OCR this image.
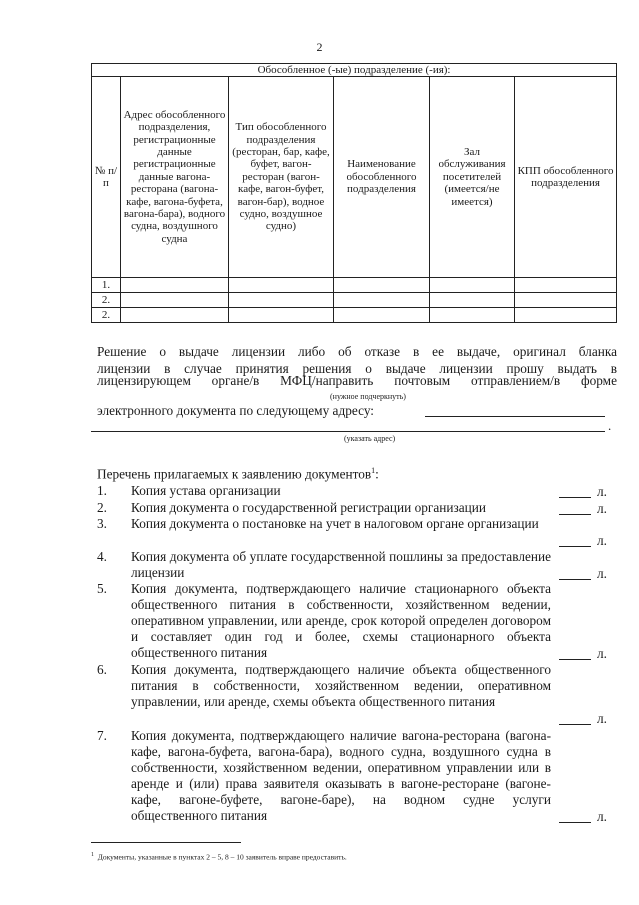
2
Обособленное (-ые) подразделение (-ия):					
№ п/п	Адрес обособленного подразделения, регистрационные данные регистрационные данные вагона-ресторана (вагона-кафе, вагона-буфета, вагона-бара), водного судна, воздушного судна	Тип обособленного подразделения (ресторан, бар, кафе, буфет, вагон-ресторан (вагон-кафе, вагон-буфет, вагон-бар), водное судно, воздушное судно)	Наименование обособленного подразделения	Зал обслуживания посетителей (имеется/не имеется)	КПП обособленного подразделения
1.					
2.					
2.					
Решение о выдаче лицензии либо об отказе в ее выдаче, оригинал бланка
лицензии в случае принятия решения о выдаче лицензии прошу выдать в
лицензирующем органе/в МФЦ/направить почтовым отправлением/в форме
(нужное подчеркнуть)
электронного документа по следующему адресу:
.
(указать адрес)
Перечень прилагаемых к заявлению документов$^1$:
1.	Копия устава организации	л.
2.	Копия документа о государственной регистрации организации	л.
3.	Копия документа о постановке на учет в налоговом органе организации
л.
4.	Копия документа об уплате государственной пошлины за предоставление лицензии	л.
5.	Копия документа, подтверждающего наличие стационарного объекта общественного питания в собственности, хозяйственном ведении, оперативном управлении, или аренде, срок которой определен договором и составляет один год и более, схемы стационарного объекта общественного питания	л.
6.	Копия документа, подтверждающего наличие объекта общественного питания в собственности, хозяйственном ведении, оперативном управлении, или аренде, схемы объекта общественного питания
л.
7.	Копия документа, подтверждающего наличие вагона-ресторана (вагона-кафе, вагона-буфета, вагона-бара), водного судна, воздушного судна в собственности, хозяйственном ведении, оперативном управлении или в аренде и (или) права заявителя оказывать в вагоне-ресторане (вагоне-кафе, вагоне-буфете, вагоне-баре), на водном судне услуги общественного питания	л.
$^1$ Документы, указанные в пунктах 2 – 5, 8 – 10 заявитель вправе предоставить.
